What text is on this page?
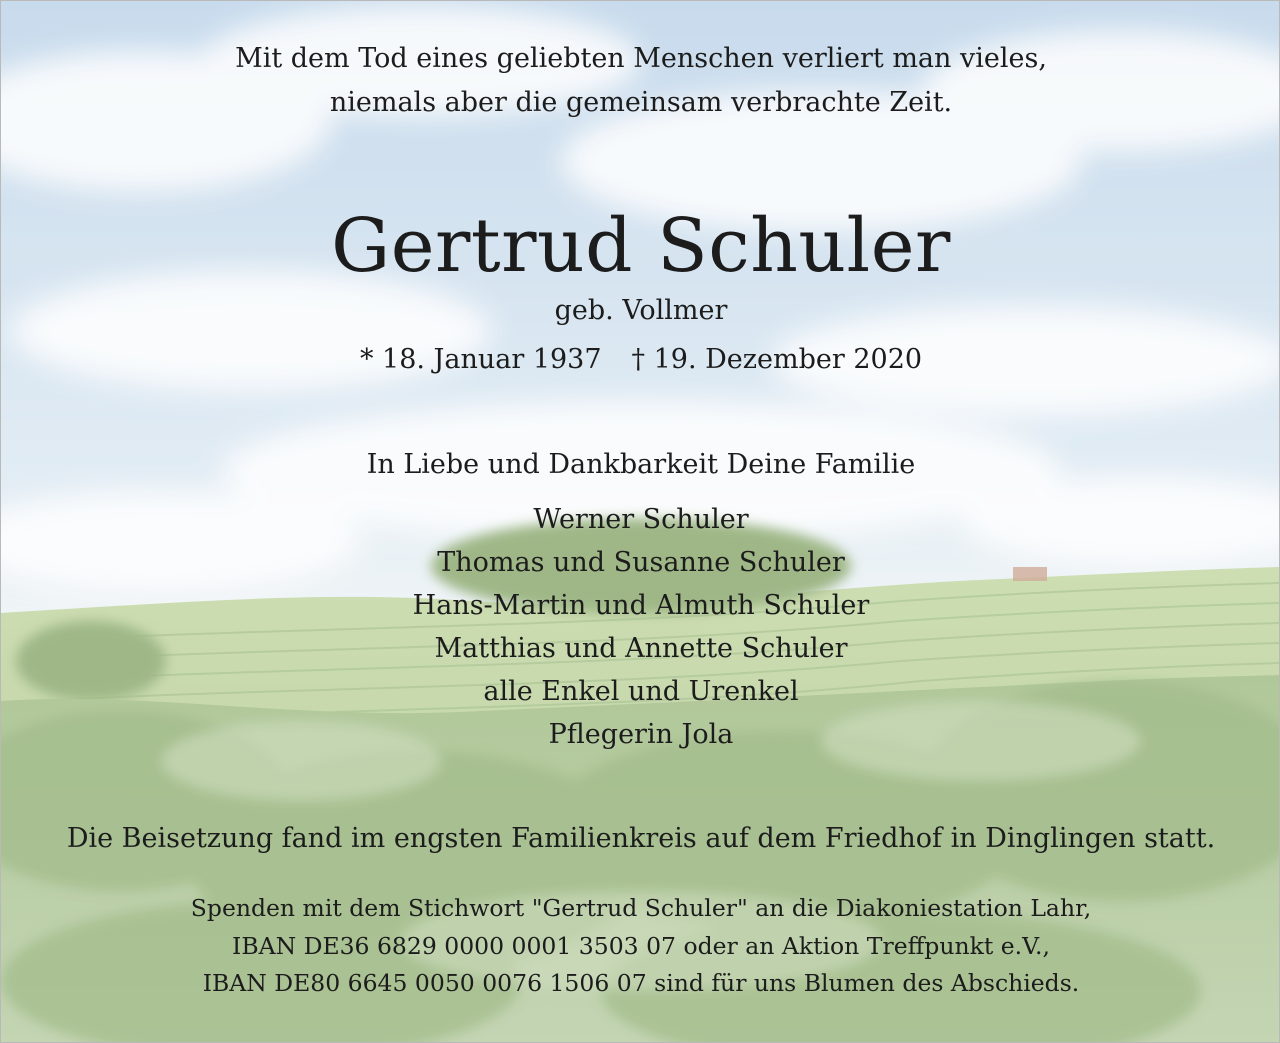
Mit dem Tod eines geliebten Menschen verliert man vieles,
niemals aber die gemeinsam verbrachte Zeit.
Gertrud Schuler
geb. Vollmer
* 18. Januar 1937 † 19. Dezember 2020
In Liebe und Dankbarkeit Deine Familie
Werner Schuler
Thomas und Susanne Schuler
Hans-Martin und Almuth Schuler
Matthias und Annette Schuler
alle Enkel und Urenkel
Pflegerin Jola
Die Beisetzung fand im engsten Familienkreis auf dem Friedhof in Dinglingen statt.
Spenden mit dem Stichwort "Gertrud Schuler" an die Diakoniestation Lahr,
IBAN DE36 6829 0000 0001 3503 07 oder an Aktion Treffpunkt e.V.,
IBAN DE80 6645 0050 0076 1506 07 sind für uns Blumen des Abschieds.
